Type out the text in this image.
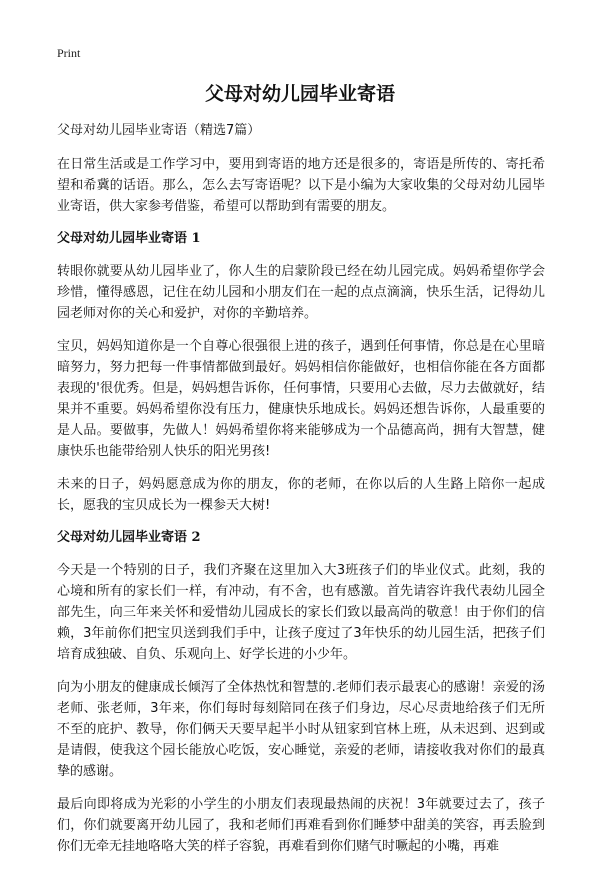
Print
父母对幼儿园毕业寄语

父母对幼儿园毕业寄语（精选7篇）

在日常生活或是工作学习中，要用到寄语的地方还是很多的，寄语是所传的、寄托希望和希冀的话语。那么，怎么去写寄语呢？以下是小编为大家收集的父母对幼儿园毕业寄语，供大家参考借鉴，希望可以帮助到有需要的朋友。

父母对幼儿园毕业寄语 1

转眼你就要从幼儿园毕业了，你人生的启蒙阶段已经在幼儿园完成。妈妈希望你学会珍惜，懂得感恩，记住在幼儿园和小朋友们在一起的点点滴滴，快乐生活，记得幼儿园老师对你的关心和爱护，对你的辛勤培养。

宝贝，妈妈知道你是一个自尊心很强很上进的孩子，遇到任何事情，你总是在心里暗暗努力，努力把每一件事情都做到最好。妈妈相信你能做好，也相信你能在各方面都表现的'很优秀。但是，妈妈想告诉你，任何事情，只要用心去做，尽力去做就好，结果并不重要。妈妈希望你没有压力，健康快乐地成长。妈妈还想告诉你，人最重要的是人品。要做事，先做人！妈妈希望你将来能够成为一个品德高尚，拥有大智慧，健康快乐也能带给别人快乐的阳光男孩!

未来的日子，妈妈愿意成为你的朋友，你的老师，在你以后的人生路上陪你一起成长，愿我的宝贝成长为一棵参天大树!

父母对幼儿园毕业寄语 2

今天是一个特别的日子，我们齐聚在这里加入大3班孩子们的毕业仪式。此刻，我的心境和所有的家长们一样，有冲动，有不舍，也有感激。首先请容许我代表幼儿园全部先生，向三年来关怀和爱惜幼儿园成长的家长们致以最高尚的敬意！由于你们的信赖，3年前你们把宝贝送到我们手中，让孩子度过了3年快乐的幼儿园生活，把孩子们培育成独破、自负、乐观向上、好学长进的小少年。

向为小朋友的健康成长倾泻了全体热忱和智慧的.老师们表示最衷心的感谢！亲爱的汤老师、张老师，3年来，你们每时每刻陪同在孩子们身边，尽心尽责地给孩子们无所不至的庇护、教导，你们俩天天要早起半小时从钮家到官林上班，从未迟到、迟到或是请假，使我这个园长能放心吃饭，安心睡觉，亲爱的老师，请接收我对你们的最真挚的感谢。

最后向即将成为光彩的小学生的小朋友们表现最热闹的庆祝！3年就要过去了，孩子们，你们就要离开幼儿园了，我和老师们再难看到你们睡梦中甜美的笑容，再丢脸到你们无牵无挂地咯咯大笑的样子容貌，再难看到你们赌气时噘起的小嘴，再难
